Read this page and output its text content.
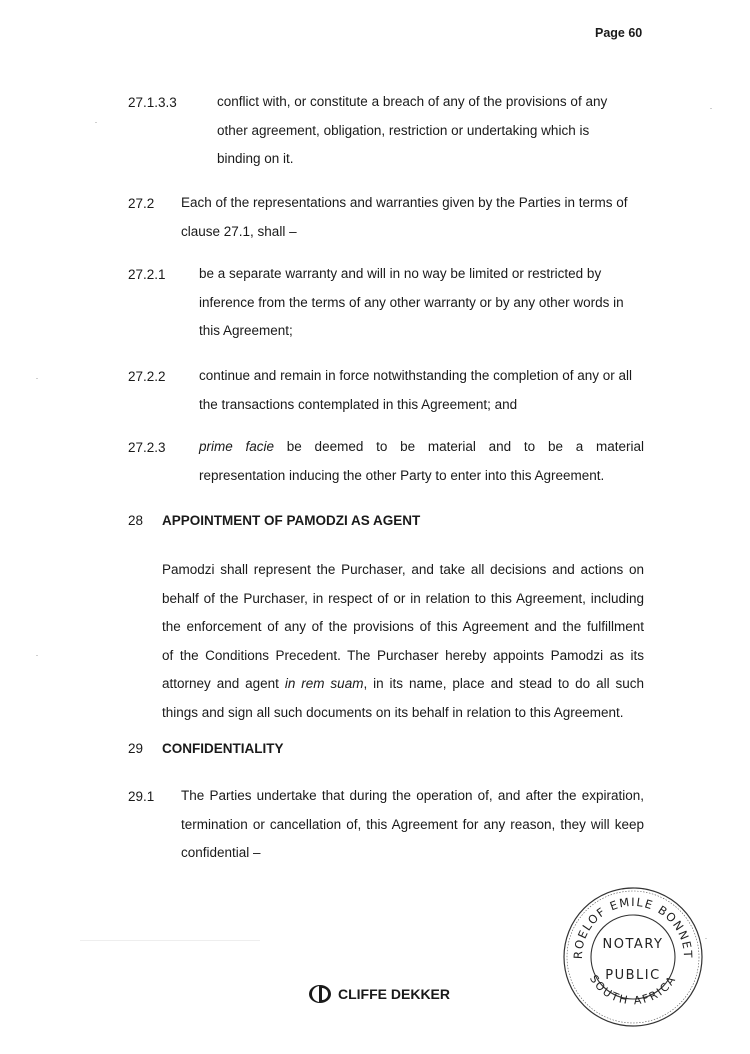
Page 60
27.1.3.3	conflict with, or constitute a breach of any of the provisions of any
other agreement, obligation, restriction or undertaking which is
binding on it.
27.2 Each of the representations and warranties given by the Parties in terms of
clause 27.1, shall –
27.2.1 be a separate warranty and will in no way be limited or restricted by
inference from the terms of any other warranty or by any other words in
this Agreement;
27.2.2 continue and remain in force notwithstanding the completion of any or all
the transactions contemplated in this Agreement; and
27.2.3 prime facie be deemed to be material and to be a material
representation inducing the other Party to enter into this Agreement.
28 APPOINTMENT OF PAMODZI AS AGENT
Pamodzi shall represent the Purchaser, and take all decisions and actions on
behalf of the Purchaser, in respect of or in relation to this Agreement, including
the enforcement of any of the provisions of this Agreement and the fulfillment
of the Conditions Precedent. The Purchaser hereby appoints Pamodzi as its
attorney and agent in rem suam, in its name, place and stead to do all such
things and sign all such documents on its behalf in relation to this Agreement.
29 CONFIDENTIALITY
29.1 The Parties undertake that during the operation of, and after the expiration,
termination or cancellation of, this Agreement for any reason, they will keep
confidential –
CLIFFE DEKKER
ROELOF EMILE BONNET
SOUTH AFRICA
NOTARY
PUBLIC
